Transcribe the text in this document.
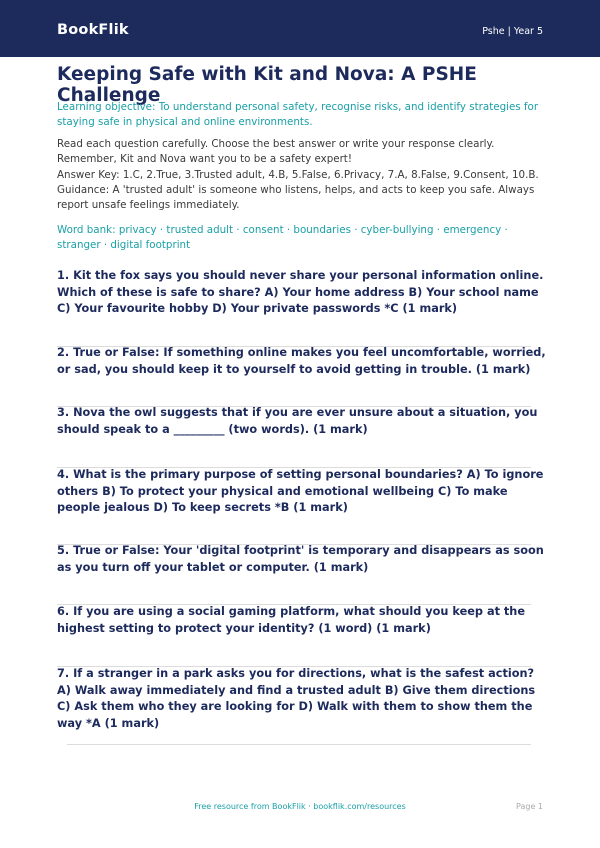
BookFlik	Pshe | Year 5
Keeping Safe with Kit and Nova: A PSHE Challenge
Learning objective: To understand personal safety, recognise risks, and identify strategies for staying safe in physical and online environments.
Read each question carefully. Choose the best answer or write your response clearly. Remember, Kit and Nova want you to be a safety expert!
Answer Key: 1.C, 2.True, 3.Trusted adult, 4.B, 5.False, 6.Privacy, 7.A, 8.False, 9.Consent, 10.B. Guidance: A 'trusted adult' is someone who listens, helps, and acts to keep you safe. Always report unsafe feelings immediately.
Word bank: privacy · trusted adult · consent · boundaries · cyber-bullying · emergency · stranger · digital footprint
1. Kit the fox says you should never share your personal information online. Which of these is safe to share? A) Your home address B) Your school name C) Your favourite hobby D) Your private passwords *C (1 mark)
2. True or False: If something online makes you feel uncomfortable, worried, or sad, you should keep it to yourself to avoid getting in trouble. (1 mark)
3. Nova the owl suggests that if you are ever unsure about a situation, you should speak to a _________ (two words). (1 mark)
4. What is the primary purpose of setting personal boundaries? A) To ignore others B) To protect your physical and emotional wellbeing C) To make people jealous D) To keep secrets *B (1 mark)
5. True or False: Your 'digital footprint' is temporary and disappears as soon as you turn off your tablet or computer. (1 mark)
6. If you are using a social gaming platform, what should you keep at the highest setting to protect your identity? (1 word) (1 mark)
7. If a stranger in a park asks you for directions, what is the safest action? A) Walk away immediately and find a trusted adult B) Give them directions C) Ask them who they are looking for D) Walk with them to show them the way *A (1 mark)
Free resource from BookFlik · bookflik.com/resources	Page 1
